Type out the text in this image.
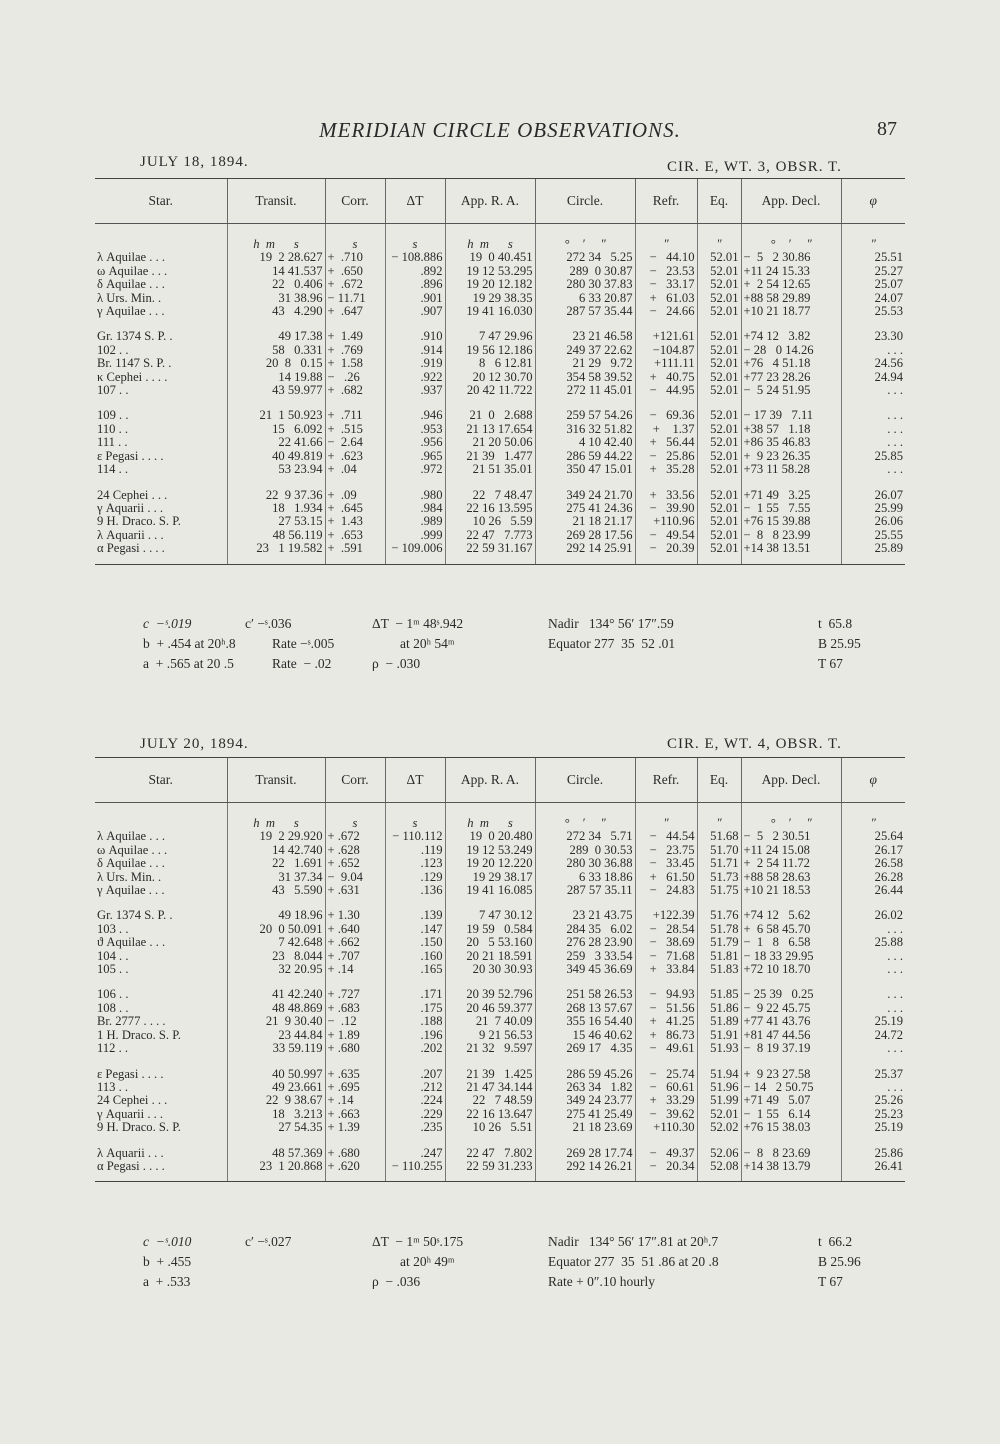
MERIDIAN CIRCLE OBSERVATIONS.	87
JULY 18, 1894.	CIR. E, WT. 3, OBSR. T.
Star.	Transit.	Corr.	ΔT	App. R. A.	Circle.	Refr.	Eq.	App. Decl.	φ
	h  m      s	s	s	h  m      s	°    ′     ″	″	″	°    ′     ″	″
λ Aquilae . . .	19  2 28.627	+  .710	− 108.886	19  0 40.451	272 34   5.25	−   44.10	52.01	−  5   2 30.86	25.51
ω Aquilae . . .	14 41.537	+  .650	.892	19 12 53.295	289  0 30.87	−   23.53	52.01	+11 24 15.33	25.27
δ Aquilae . . .	22   0.406	+  .672	.896	19 20 12.182	280 30 37.83	−   33.17	52.01	+  2 54 12.65	25.07
λ Urs. Min. .	31 38.96	− 11.71	.901	19 29 38.35	6 33 20.87	+   61.03	52.01	+88 58 29.89	24.07
γ Aquilae . . .	43   4.290	+  .647	.907	19 41 16.030	287 57 35.44	−   24.66	52.01	+10 21 18.77	25.53
Gr. 1374 S. P. .	49 17.38	+  1.49	.910	7 47 29.96	23 21 46.58	+121.61	52.01	+74 12   3.82	23.30
102 . .	58   0.331	+  .769	.914	19 56 12.186	249 37 22.62	−104.87	52.01	− 28   0 14.26	. . .
Br. 1147 S. P. .	20  8   0.15	+  1.58	.919	8   6 12.81	21 29   9.72	+111.11	52.01	+76   4 51.18	24.56
κ Cephei . . . .	14 19.88	−   .26	.922	20 12 30.70	354 58 39.52	+   40.75	52.01	+77 23 28.26	24.94
107 . .	43 59.977	+  .682	.937	20 42 11.722	272 11 45.01	−   44.95	52.01	−  5 24 51.95	. . .
109 . .	21  1 50.923	+  .711	.946	21  0   2.688	259 57 54.26	−   69.36	52.01	− 17 39   7.11	. . .
110 . .	15   6.092	+  .515	.953	21 13 17.654	316 32 51.82	+    1.37	52.01	+38 57   1.18	. . .
111 . .	22 41.66	−  2.64	.956	21 20 50.06	4 10 42.40	+   56.44	52.01	+86 35 46.83	. . .
ε Pegasi . . . .	40 49.819	+  .623	.965	21 39   1.477	286 59 44.22	−   25.86	52.01	+  9 23 26.35	25.85
114 . .	53 23.94	+  .04	.972	21 51 35.01	350 47 15.01	+   35.28	52.01	+73 11 58.28	. . .
24 Cephei . . .	22  9 37.36	+  .09	.980	22   7 48.47	349 24 21.70	+   33.56	52.01	+71 49   3.25	26.07
γ Aquarii . . .	18   1.934	+  .645	.984	22 16 13.595	275 41 24.36	−   39.90	52.01	−  1 55   7.55	25.99
9 H. Draco. S. P.	27 53.15	+  1.43	.989	10 26   5.59	21 18 21.17	+110.96	52.01	+76 15 39.88	26.06
λ Aquarii . . .	48 56.119	+  .653	.999	22 47   7.773	269 28 17.56	−   49.54	52.01	−  8   8 23.99	25.55
α Pegasi . . . .	23   1 19.582	+  .591	− 109.006	22 59 31.167	292 14 25.91	−   20.39	52.01	+14 38 13.51	25.89
c  −ˢ.019
b  + .454 at 20ʰ.8
a  + .565 at 20 .5
c′ −ˢ.036
Rate −ˢ.005
Rate  − .02
ΔT  − 1ᵐ 48ˢ.942
at 20ʰ 54ᵐ
ρ  − .030
Nadir   134° 56′ 17″.59
Equator 277  35  52 .01
t  65.8
B 25.95
T 67
JULY 20, 1894.	CIR. E, WT. 4, OBSR. T.
Star.	Transit.	Corr.	ΔT	App. R. A.	Circle.	Refr.	Eq.	App. Decl.	φ
	h  m      s	s	s	h  m      s	°    ′     ″	″	″	°    ′     ″	″
λ Aquilae . . .	19  2 29.920	+ .672	− 110.112	19  0 20.480	272 34   5.71	−   44.54	51.68	−  5   2 30.51	25.64
ω Aquilae . . .	14 42.740	+ .628	.119	19 12 53.249	289  0 30.53	−   23.75	51.70	+11 24 15.08	26.17
δ Aquilae . . .	22   1.691	+ .652	.123	19 20 12.220	280 30 36.88	−   33.45	51.71	+  2 54 11.72	26.58
λ Urs. Min. .	31 37.34	−  9.04	.129	19 29 38.17	6 33 18.86	+   61.50	51.73	+88 58 28.63	26.28
γ Aquilae . . .	43   5.590	+ .631	.136	19 41 16.085	287 57 35.11	−   24.83	51.75	+10 21 18.53	26.44
Gr. 1374 S. P. .	49 18.96	+ 1.30	.139	7 47 30.12	23 21 43.75	+122.39	51.76	+74 12   5.62	26.02
103 . .	20  0 50.091	+ .640	.147	19 59   0.584	284 35   6.02	−   28.54	51.78	+  6 58 45.70	. . .
ϑ Aquilae . . .	7 42.648	+ .662	.150	20   5 53.160	276 28 23.90	−   38.69	51.79	−  1   8   6.58	25.88
104 . .	23   8.044	+ .707	.160	20 21 18.591	259   3 33.54	−   71.68	51.81	− 18 33 29.95	. . .
105 . .	32 20.95	+ .14	.165	20 30 30.93	349 45 36.69	+   33.84	51.83	+72 10 18.70	. . .
106 . .	41 42.240	+ .727	.171	20 39 52.796	251 58 26.53	−   94.93	51.85	− 25 39   0.25	. . .
108 . .	48 48.869	+ .683	.175	20 46 59.377	268 13 57.67	−   51.56	51.86	−  9 22 45.75	. . .
Br. 2777 . . . .	21  9 30.40	−  .12	.188	21  7 40.09	355 16 54.40	+   41.25	51.89	+77 41 43.76	25.19
1 H. Draco. S. P.	23 44.84	+ 1.89	.196	9 21 56.53	15 46 40.62	+   86.73	51.91	+81 47 44.56	24.72
112 . .	33 59.119	+ .680	.202	21 32   9.597	269 17   4.35	−   49.61	51.93	−  8 19 37.19	. . .
ε Pegasi . . . .	40 50.997	+ .635	.207	21 39   1.425	286 59 45.26	−   25.74	51.94	+  9 23 27.58	25.37
113 . .	49 23.661	+ .695	.212	21 47 34.144	263 34   1.82	−   60.61	51.96	− 14   2 50.75	. . .
24 Cephei . . .	22  9 38.67	+ .14	.224	22   7 48.59	349 24 23.77	+   33.29	51.99	+71 49   5.07	25.26
γ Aquarii . . .	18   3.213	+ .663	.229	22 16 13.647	275 41 25.49	−   39.62	52.01	−  1 55   6.14	25.23
9 H. Draco. S. P.	27 54.35	+ 1.39	.235	10 26   5.51	21 18 23.69	+110.30	52.02	+76 15 38.03	25.19
λ Aquarii . . .	48 57.369	+ .680	.247	22 47   7.802	269 28 17.74	−   49.37	52.06	−  8   8 23.69	25.86
α Pegasi . . . .	23  1 20.868	+ .620	− 110.255	22 59 31.233	292 14 26.21	−   20.34	52.08	+14 38 13.79	26.41
c  −ˢ.010
b  + .455
a  + .533
c′ −ˢ.027	ΔT  − 1ᵐ 50ˢ.175
at 20ʰ 49ᵐ
ρ  − .036
Nadir   134° 56′ 17″.81 at 20ʰ.7
Equator 277  35  51 .86 at 20 .8
Rate + 0″.10 hourly
t  66.2
B 25.96
T 67
